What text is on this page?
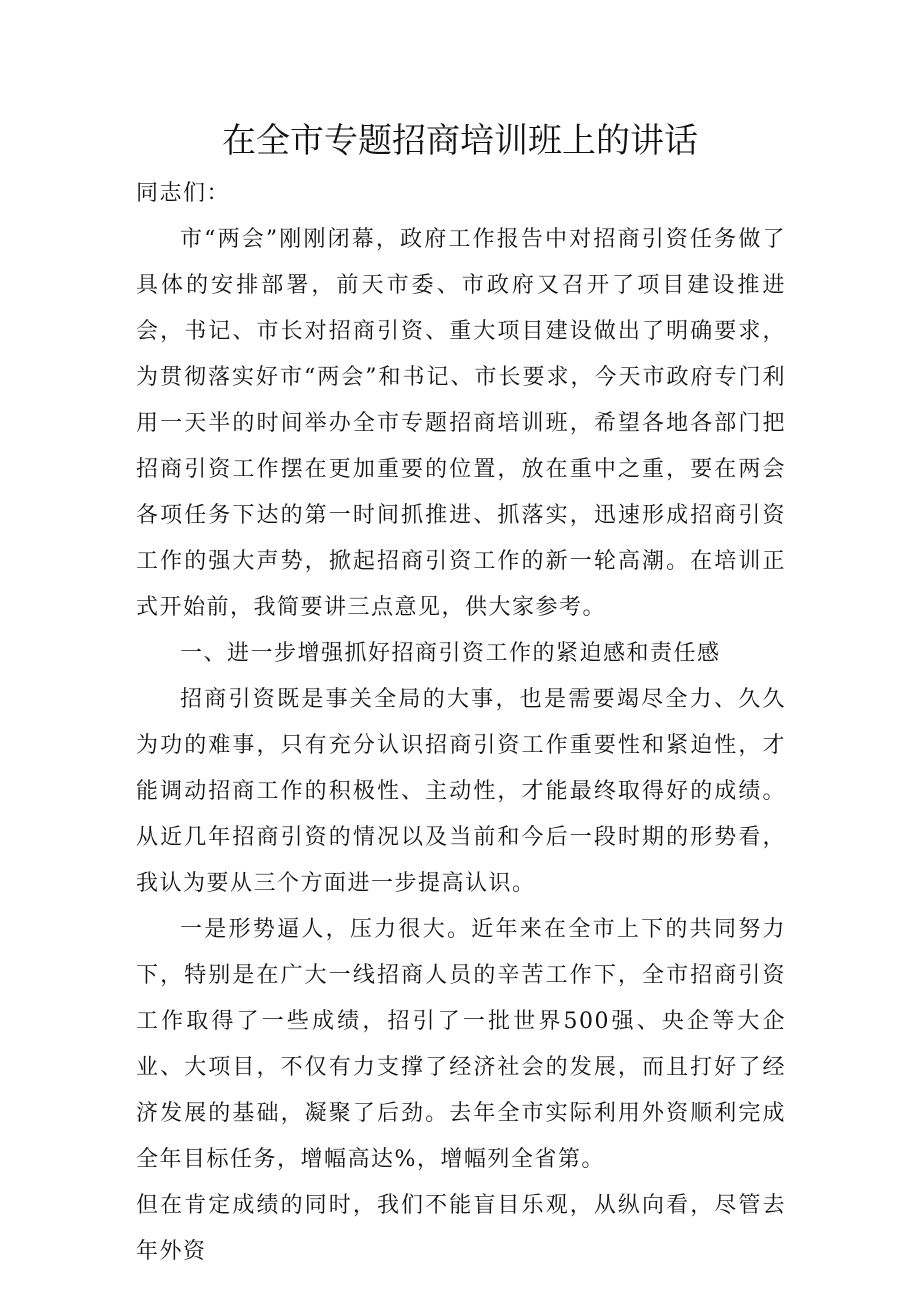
在全市专题招商培训班上的讲话

同志们：

市“两会”刚刚闭幕，政府工作报告中对招商引资任务做了具体的安排部署，前天市委、市政府又召开了项目建设推进会，书记、市长对招商引资、重大项目建设做出了明确要求，为贯彻落实好市“两会”和书记、市长要求，今天市政府专门利用一天半的时间举办全市专题招商培训班，希望各地各部门把招商引资工作摆在更加重要的位置，放在重中之重，要在两会各项任务下达的第一时间抓推进、抓落实，迅速形成招商引资工作的强大声势，掀起招商引资工作的新一轮高潮。在培训正式开始前，我简要讲三点意见，供大家参考。

一、进一步增强抓好招商引资工作的紧迫感和责任感

招商引资既是事关全局的大事，也是需要竭尽全力、久久为功的难事，只有充分认识招商引资工作重要性和紧迫性，才能调动招商工作的积极性、主动性，才能最终取得好的成绩。从近几年招商引资的情况以及当前和今后一段时期的形势看，我认为要从三个方面进一步提高认识。

一是形势逼人，压力很大。近年来在全市上下的共同努力下，特别是在广大一线招商人员的辛苦工作下，全市招商引资工作取得了一些成绩，招引了一批世界500强、央企等大企业、大项目，不仅有力支撑了经济社会的发展，而且打好了经济发展的基础，凝聚了后劲。去年全市实际利用外资顺利完成全年目标任务，增幅高达%，增幅列全省第。

但在肯定成绩的同时，我们不能盲目乐观，从纵向看，尽管去年外资
